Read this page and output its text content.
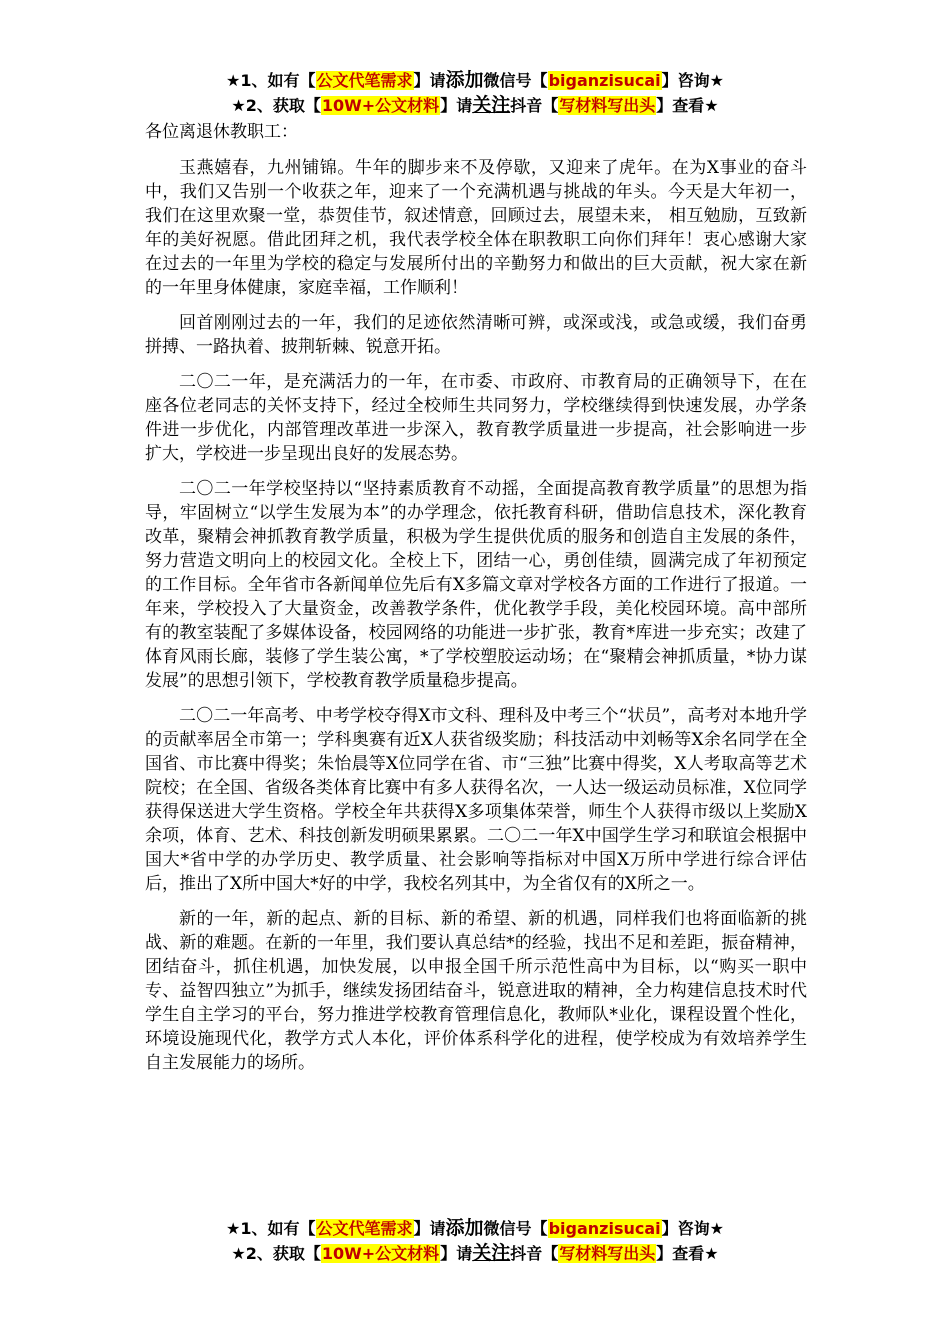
★1、如有【公文代笔需求】请添加微信号【biganzisucai】咨询★
★2、获取【10W+公文材料】请关注抖音【写材料写出头】查看★

各位离退休教职工：

玉燕嬉春，九州铺锦。牛年的脚步来不及停歇，又迎来了虎年。在为X事业的奋斗中，我们又告别一个收获之年，迎来了一个充满机遇与挑战的年头。今天是大年初一，我们在这里欢聚一堂，恭贺佳节，叙述情意，回顾过去，展望未来， 相互勉励，互致新年的美好祝愿。借此团拜之机，我代表学校全体在职教职工向你们拜年！衷心感谢大家在过去的一年里为学校的稳定与发展所付出的辛勤努力和做出的巨大贡献，祝大家在新的一年里身体健康，家庭幸福，工作顺利！

回首刚刚过去的一年，我们的足迹依然清晰可辨，或深或浅，或急或缓，我们奋勇拼搏、一路执着、披荆斩棘、锐意开拓。

二〇二一年，是充满活力的一年，在市委、市政府、市教育局的正确领导下，在在座各位老同志的关怀支持下，经过全校师生共同努力，学校继续得到快速发展，办学条件进一步优化，内部管理改革进一步深入，教育教学质量进一步提高，社会影响进一步扩大，学校进一步呈现出良好的发展态势。

二〇二一年学校坚持以“坚持素质教育不动摇，全面提高教育教学质量”的思想为指导，牢固树立“以学生发展为本”的办学理念，依托教育科研，借助信息技术，深化教育改革，聚精会神抓教育教学质量，积极为学生提供优质的服务和创造自主发展的条件，努力营造文明向上的校园文化。全校上下，团结一心，勇创佳绩，圆满完成了年初预定的工作目标。全年省市各新闻单位先后有X多篇文章对学校各方面的工作进行了报道。一年来，学校投入了大量资金，改善教学条件，优化教学手段，美化校园环境。高中部所有的教室装配了多媒体设备，校园网络的功能进一步扩张，教育*库进一步充实；改建了体育风雨长廊，装修了学生装公寓，*了学校塑胶运动场；在“聚精会神抓质量，*协力谋发展”的思想引领下，学校教育教学质量稳步提高。

二〇二一年高考、中考学校夺得X市文科、理科及中考三个“状员”，高考对本地升学的贡献率居全市第一；学科奥赛有近X人获省级奖励；科技活动中刘畅等X余名同学在全国省、市比赛中得奖；朱怡晨等X位同学在省、市“三独”比赛中得奖，X人考取高等艺术院校；在全国、省级各类体育比赛中有多人获得名次，一人达一级运动员标准，X位同学获得保送进大学生资格。学校全年共获得X多项集体荣誉，师生个人获得市级以上奖励X余项，体育、艺术、科技创新发明硕果累累。二〇二一年X中国学生学习和联谊会根据中国大*省中学的办学历史、教学质量、社会影响等指标对中国X万所中学进行综合评估后，推出了X所中国大*好的中学，我校名列其中，为全省仅有的X所之一。

新的一年，新的起点、新的目标、新的希望、新的机遇，同样我们也将面临新的挑战、新的难题。在新的一年里，我们要认真总结*的经验，找出不足和差距，振奋精神，团结奋斗，抓住机遇，加快发展，以申报全国千所示范性高中为目标，以“购买一职中专、益智四独立”为抓手，继续发扬团结奋斗，锐意进取的精神，全力构建信息技术时代学生自主学习的平台，努力推进学校教育管理信息化，教师队*业化，课程设置个性化，环境设施现代化，教学方式人本化，评价体系科学化的进程，使学校成为有效培养学生自主发展能力的场所。

★1、如有【公文代笔需求】请添加微信号【biganzisucai】咨询★
★2、获取【10W+公文材料】请关注抖音【写材料写出头】查看★
